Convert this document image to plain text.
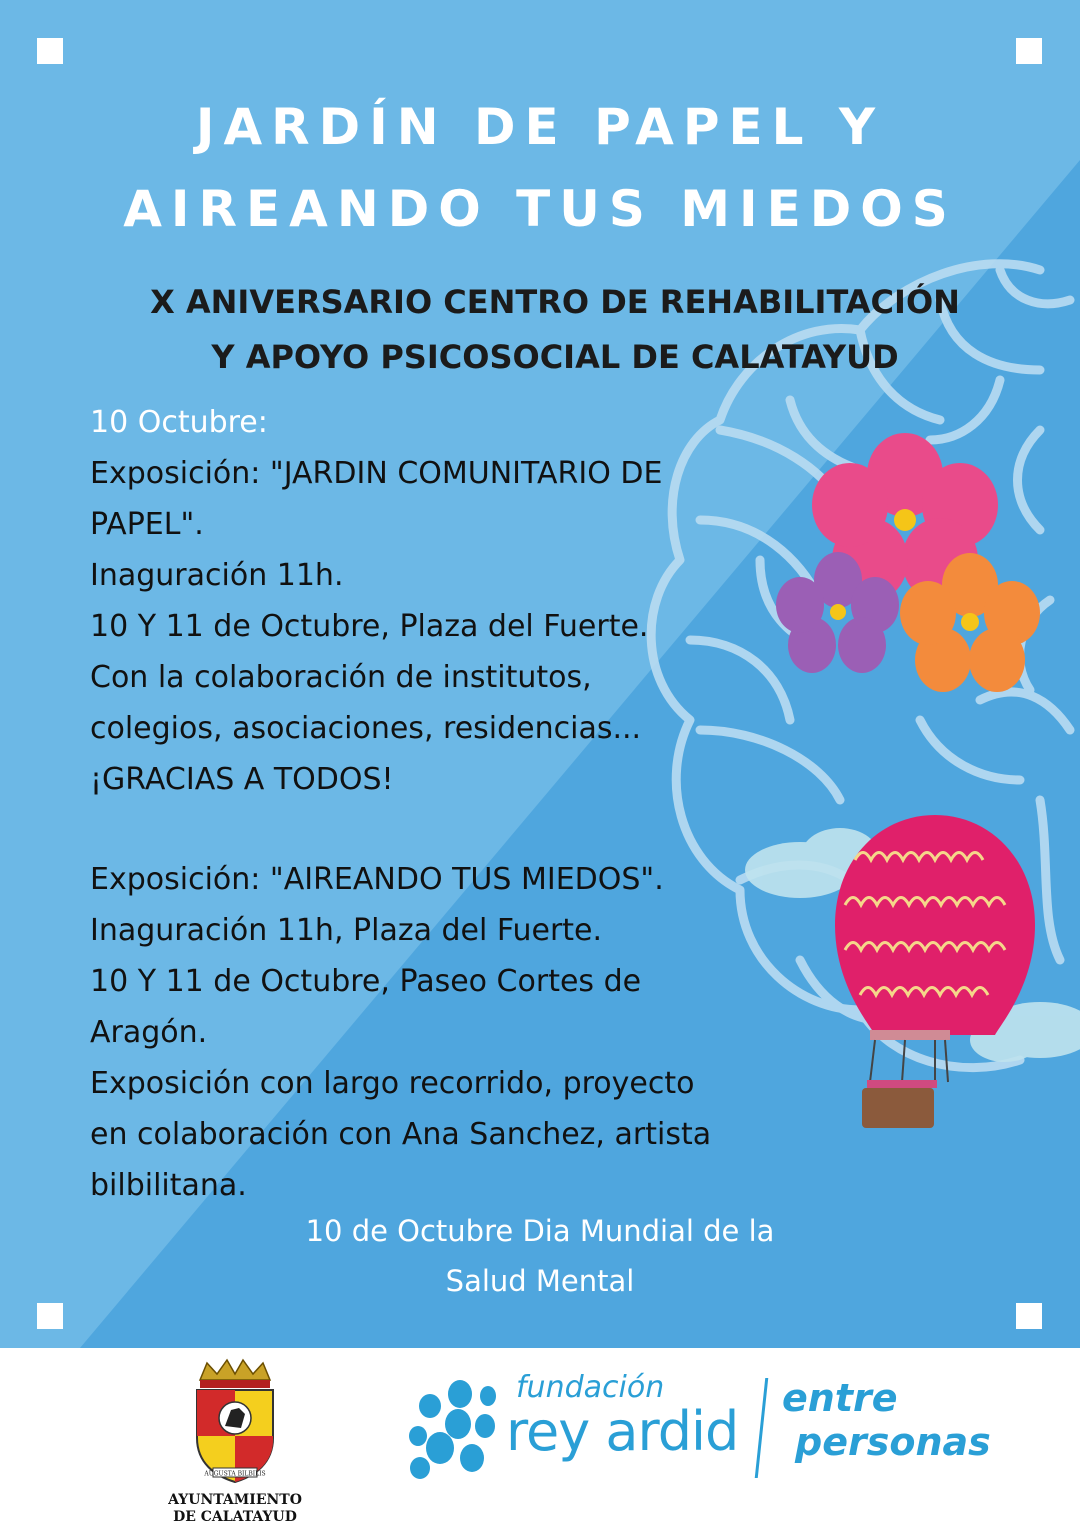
JARDÍN DE PAPEL Y
AIREANDO TUS MIEDOS
X ANIVERSARIO CENTRO DE REHABILITACIÓN
Y APOYO PSICOSOCIAL DE CALATAYUD
10 Octubre:
Exposición: "JARDIN COMUNITARIO DE
PAPEL".
Inaguración 11h.
10 Y 11 de Octubre, Plaza del Fuerte.
Con la colaboración de institutos,
colegios, asociaciones, residencias...
¡GRACIAS A TODOS!
Exposición: "AIREANDO TUS MIEDOS".
Inaguración 11h, Plaza del Fuerte.
10 Y 11 de Octubre, Paseo Cortes de
Aragón.
Exposición con largo recorrido, proyecto
en colaboración con Ana Sanchez, artista
bilbilitana.
10 de Octubre Dia Mundial de la
Salud Mental
AUGUSTA BILBILIS
AYUNTAMIENTO
DE CALATAYUD
fundación
rey ardid
entre
personas
